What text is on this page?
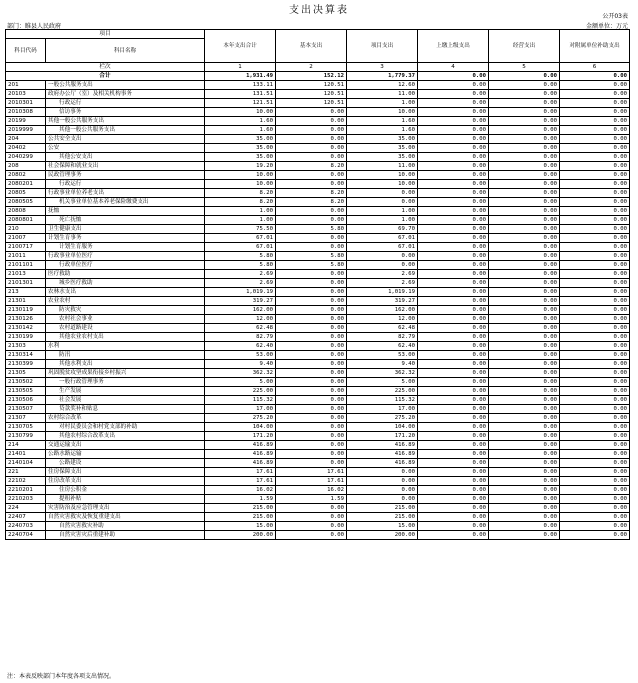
支出决算表
公开03表
部门：睢县人民政府	金额单位：万元
项目		本年支出合计	基本支出	项目支出	上缴上级支出	经营支出	对附属单位补助支出
科目代码	科目名称						
栏次		1	2	3	4	5	6
合计		1,931.49	152.12	1,779.37	0.00	0.00	0.00
201	一般公共服务支出	133.11	120.51	12.60	0.00	0.00	0.00
20103	政府办公厅（室）及相关机构事务	131.51	120.51	11.00	0.00	0.00	0.00
2010301	行政运行	121.51	120.51	1.00	0.00	0.00	0.00
2010308	信访事务	10.00	0.00	10.00	0.00	0.00	0.00
20199	其他一般公共服务支出	1.60	0.00	1.60	0.00	0.00	0.00
2019999	其他一般公共服务支出	1.60	0.00	1.60	0.00	0.00	0.00
204	公共安全支出	35.00	0.00	35.00	0.00	0.00	0.00
20402	公安	35.00	0.00	35.00	0.00	0.00	0.00
2040299	其他公安支出	35.00	0.00	35.00	0.00	0.00	0.00
208	社会保障和就业支出	19.20	8.20	11.00	0.00	0.00	0.00
20802	民政管理事务	10.00	0.00	10.00	0.00	0.00	0.00
2080201	行政运行	10.00	0.00	10.00	0.00	0.00	0.00
20805	行政事业单位养老支出	8.20	8.20	0.00	0.00	0.00	0.00
2080505	机关事业单位基本养老保险缴费支出	8.20	8.20	0.00	0.00	0.00	0.00
20808	抚恤	1.00	0.00	1.00	0.00	0.00	0.00
2080801	死亡抚恤	1.00	0.00	1.00	0.00	0.00	0.00
210	卫生健康支出	75.50	5.80	69.70	0.00	0.00	0.00
21007	计划生育事务	67.01	0.00	67.01	0.00	0.00	0.00
2100717	计划生育服务	67.01	0.00	67.01	0.00	0.00	0.00
21011	行政事业单位医疗	5.80	5.80	0.00	0.00	0.00	0.00
2101101	行政单位医疗	5.80	5.80	0.00	0.00	0.00	0.00
21013	医疗救助	2.69	0.00	2.69	0.00	0.00	0.00
2101301	城乡医疗救助	2.69	0.00	2.69	0.00	0.00	0.00
213	农林水支出	1,019.19	0.00	1,019.19	0.00	0.00	0.00
21301	农业农村	319.27	0.00	319.27	0.00	0.00	0.00
2130119	防灾救灾	162.00	0.00	162.00	0.00	0.00	0.00
2130126	农村社会事业	12.00	0.00	12.00	0.00	0.00	0.00
2130142	农村道路建设	62.48	0.00	62.48	0.00	0.00	0.00
2130199	其他农业农村支出	82.79	0.00	82.79	0.00	0.00	0.00
21303	水利	62.40	0.00	62.40	0.00	0.00	0.00
2130314	防汛	53.00	0.00	53.00	0.00	0.00	0.00
2130399	其他水利支出	9.40	0.00	9.40	0.00	0.00	0.00
21305	巩固脱贫攻坚成果衔接乡村振兴	362.32	0.00	362.32	0.00	0.00	0.00
2130502	一般行政管理事务	5.00	0.00	5.00	0.00	0.00	0.00
2130505	生产发展	225.00	0.00	225.00	0.00	0.00	0.00
2130506	社会发展	115.32	0.00	115.32	0.00	0.00	0.00
2130507	贷款奖补和贴息	17.00	0.00	17.00	0.00	0.00	0.00
21307	农村综合改革	275.20	0.00	275.20	0.00	0.00	0.00
2130705	对村民委员会和村党支部的补助	104.00	0.00	104.00	0.00	0.00	0.00
2130799	其他农村综合改革支出	171.20	0.00	171.20	0.00	0.00	0.00
214	交通运输支出	416.89	0.00	416.89	0.00	0.00	0.00
21401	公路水路运输	416.89	0.00	416.89	0.00	0.00	0.00
2140104	公路建设	416.89	0.00	416.89	0.00	0.00	0.00
221	住房保障支出	17.61	17.61	0.00	0.00	0.00	0.00
22102	住房改革支出	17.61	17.61	0.00	0.00	0.00	0.00
2210201	住房公积金	16.02	16.02	0.00	0.00	0.00	0.00
2210203	提租补贴	1.59	1.59	0.00	0.00	0.00	0.00
224	灾害防治及应急管理支出	215.00	0.00	215.00	0.00	0.00	0.00
22407	自然灾害救灾及恢复重建支出	215.00	0.00	215.00	0.00	0.00	0.00
2240703	自然灾害救灾补助	15.00	0.00	15.00	0.00	0.00	0.00
2240704	自然灾害灾后重建补助	200.00	0.00	200.00	0.00	0.00	0.00
注：本表反映部门本年度各项支出情况。
